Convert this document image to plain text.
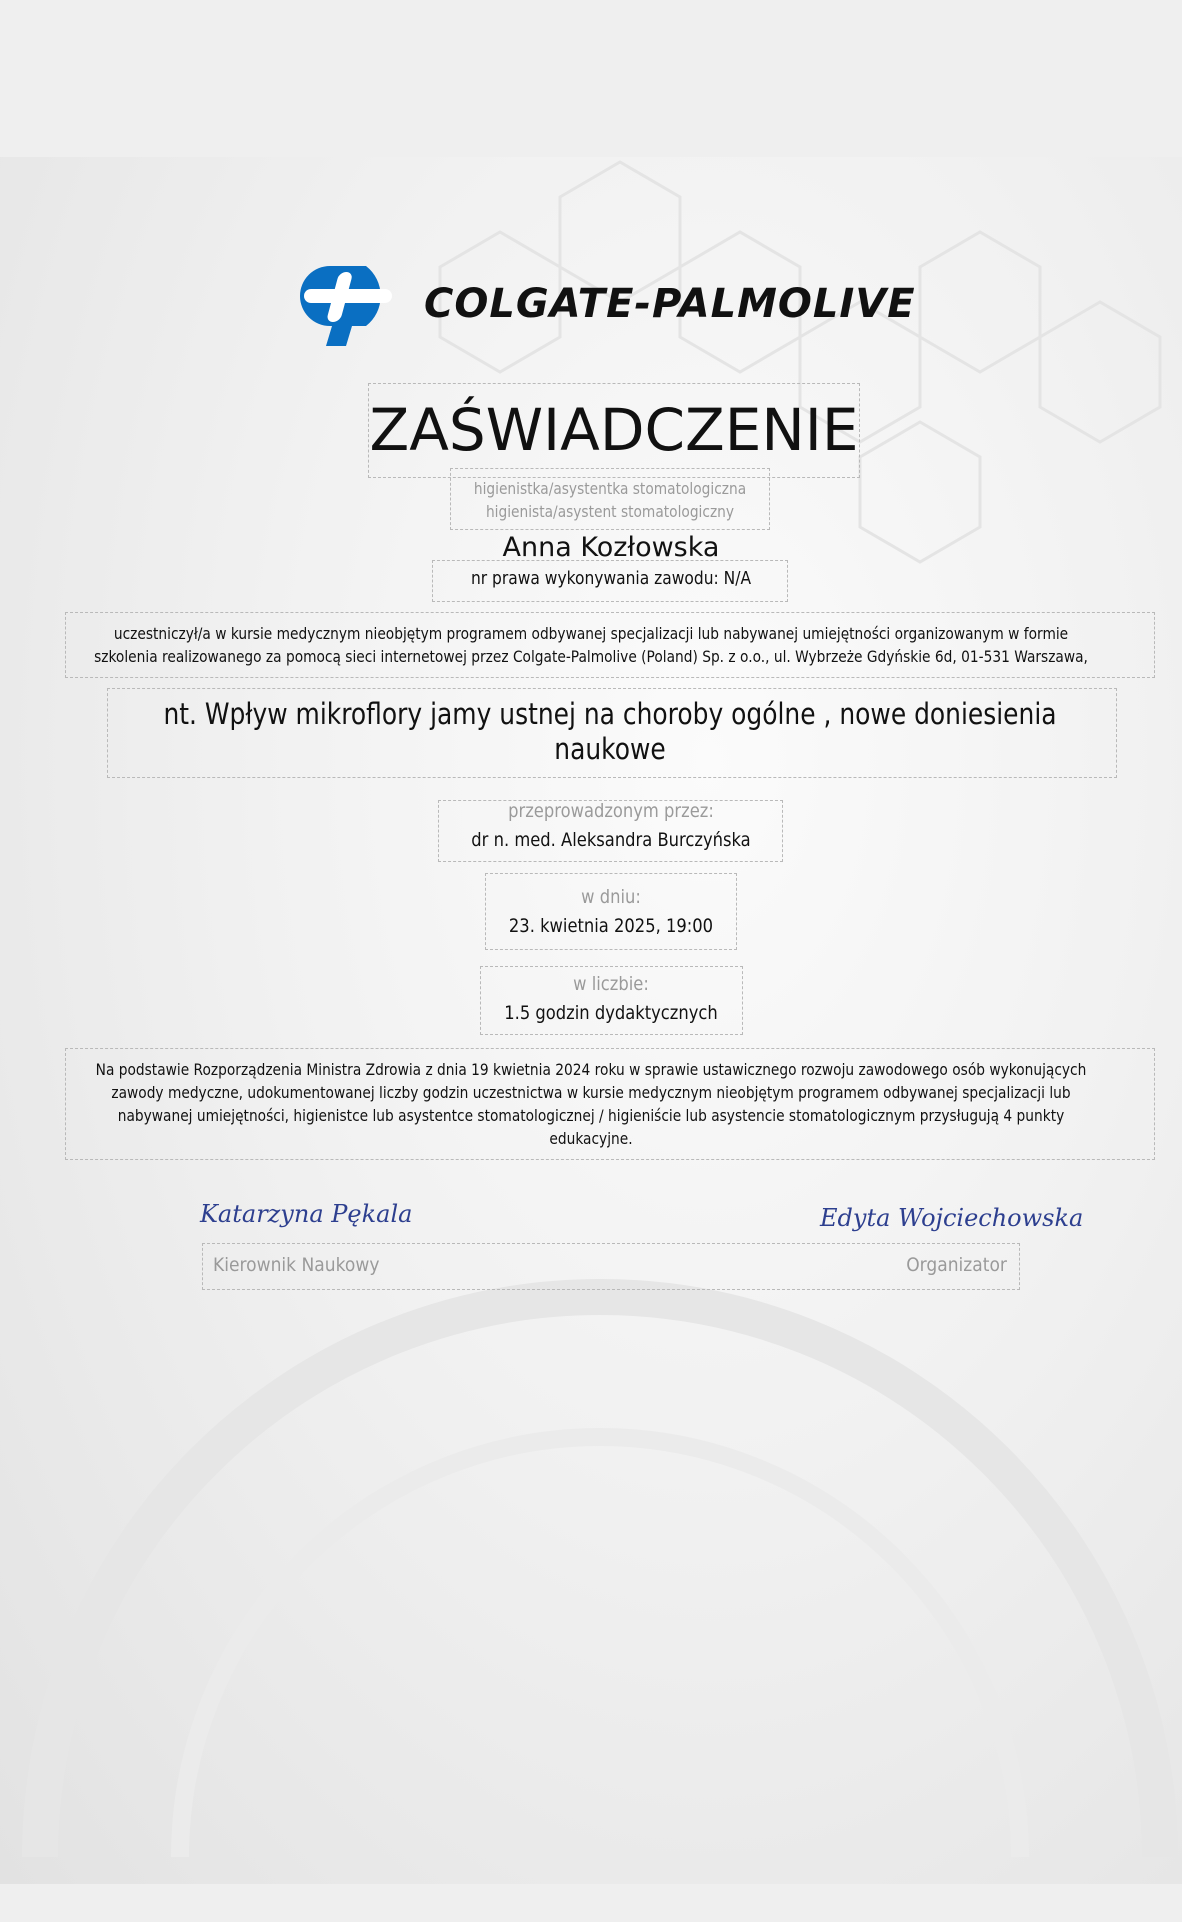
COLGATE-PALMOLIVE
ZAŚWIADCZENIE
higienistka/asystentka stomatologiczna
higienista/asystent stomatologiczny
Anna Kozłowska
nr prawa wykonywania zawodu: N/A
uczestniczył/a w kursie medycznym nieobjętym programem odbywanej specjalizacji lub nabywanej umiejętności organizowanym w formie
szkolenia realizowanego za pomocą sieci internetowej przez Colgate-Palmolive (Poland) Sp. z o.o., ul. Wybrzeże Gdyńskie 6d, 01-531 Warszawa,
nt. Wpływ mikroflory jamy ustnej na choroby ogólne , nowe doniesienia
naukowe
przeprowadzonym przez:
dr n. med. Aleksandra Burczyńska
w dniu:
23. kwietnia 2025, 19:00
w liczbie:
1.5 godzin dydaktycznych
Na podstawie Rozporządzenia Ministra Zdrowia z dnia 19 kwietnia 2024 roku w sprawie ustawicznego rozwoju zawodowego osób wykonujących
zawody medyczne, udokumentowanej liczby godzin uczestnictwa w kursie medycznym nieobjętym programem odbywanej specjalizacji lub
nabywanej umiejętności, higienistce lub asystentce stomatologicznej / higieniście lub asystencie stomatologicznym przysługują 4 punkty
edukacyjne.
Katarzyna Pękala	Edyta Wojciechowska
Kierownik Naukowy	Organizator
